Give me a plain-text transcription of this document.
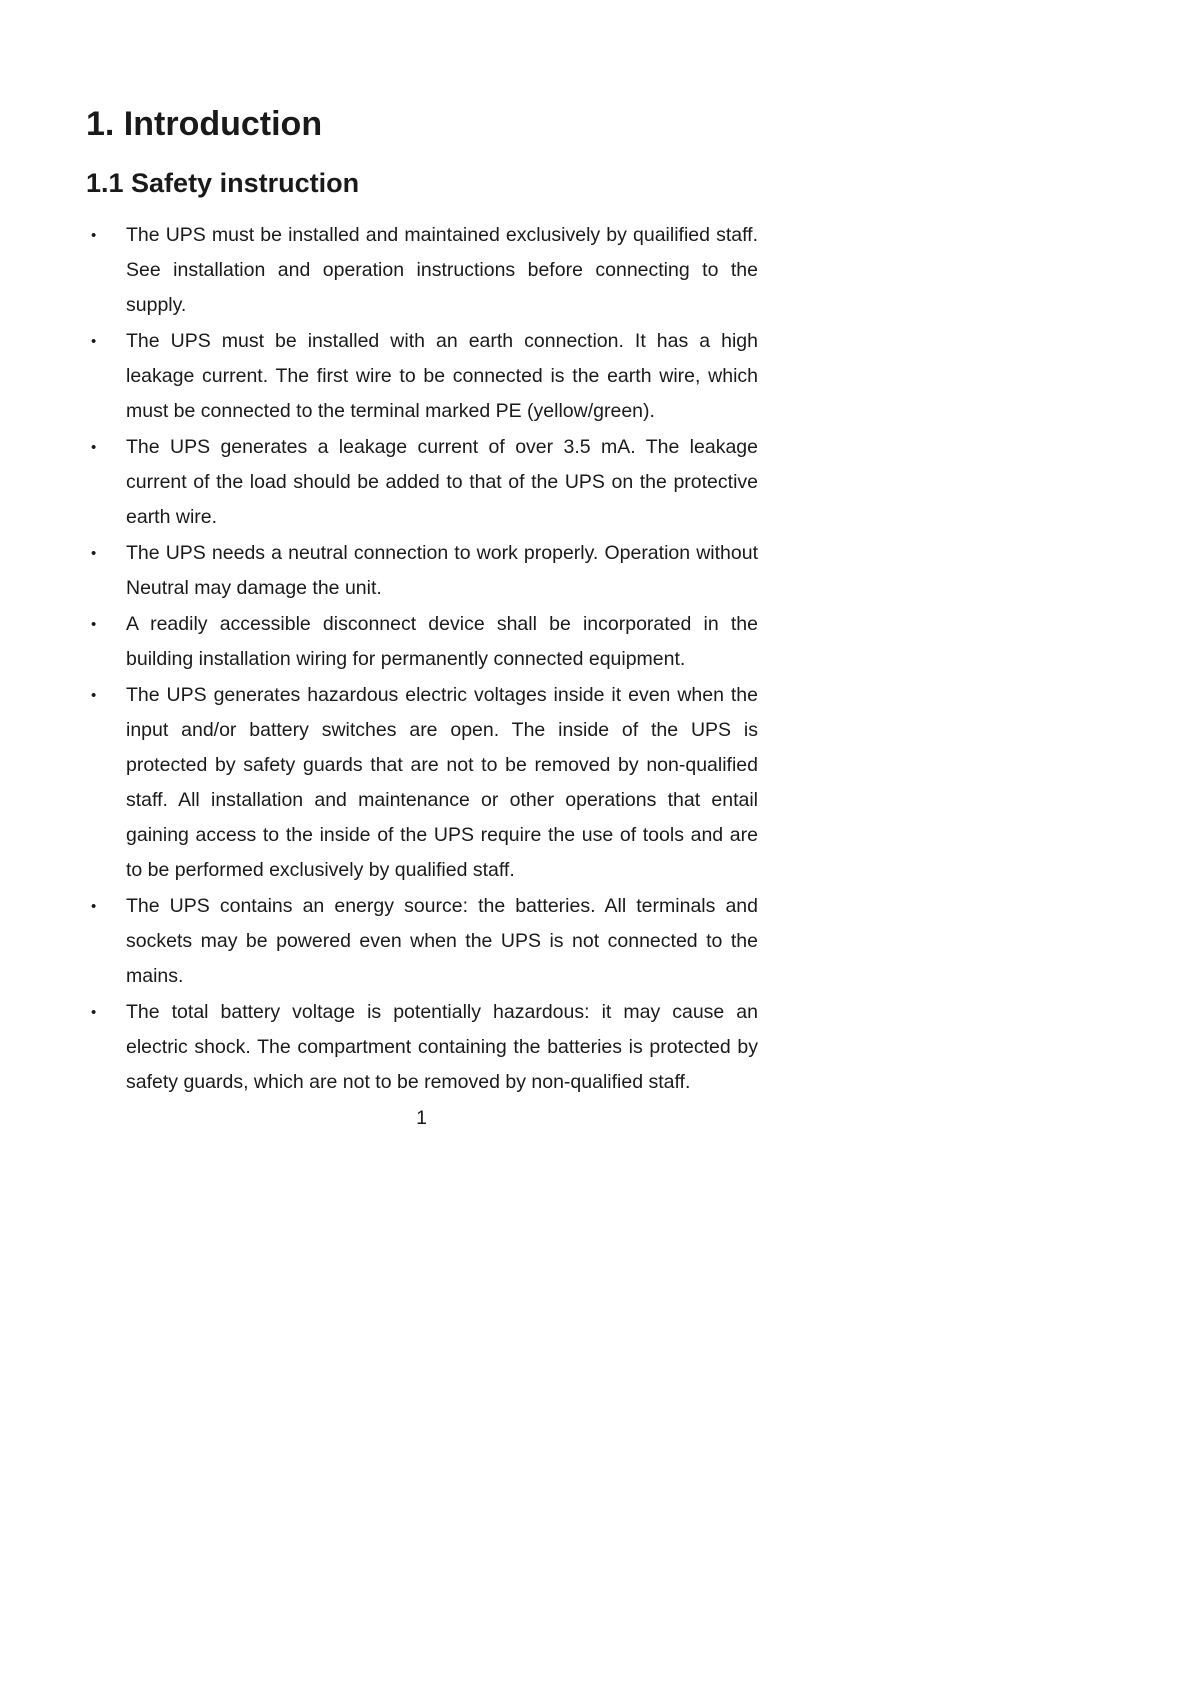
1. Introduction
1.1 Safety instruction
• The UPS must be installed and maintained exclusively by quailified staff. See installation and operation instructions before connecting to the supply.
• The UPS must be installed with an earth connection. It has a high leakage current. The first wire to be connected is the earth wire, which must be connected to the terminal marked PE (yellow/green).
• The UPS generates a leakage current of over 3.5 mA. The leakage current of the load should be added to that of the UPS on the protective earth wire.
• The UPS needs a neutral connection to work properly. Operation without Neutral may damage the unit.
• A readily accessible disconnect device shall be incorporated in the building installation wiring for permanently connected equipment.
• The UPS generates hazardous electric voltages inside it even when the input and/or battery switches are open. The inside of the UPS is protected by safety guards that are not to be removed by non-qualified staff. All installation and maintenance or other operations that entail gaining access to the inside of the UPS require the use of tools and are to be performed exclusively by qualified staff.
• The UPS contains an energy source: the batteries. All terminals and sockets may be powered even when the UPS is not connected to the mains.
• The total battery voltage is potentially hazardous: it may cause an electric shock. The compartment containing the batteries is protected by safety guards, which are not to be removed by non-qualified staff.
1
